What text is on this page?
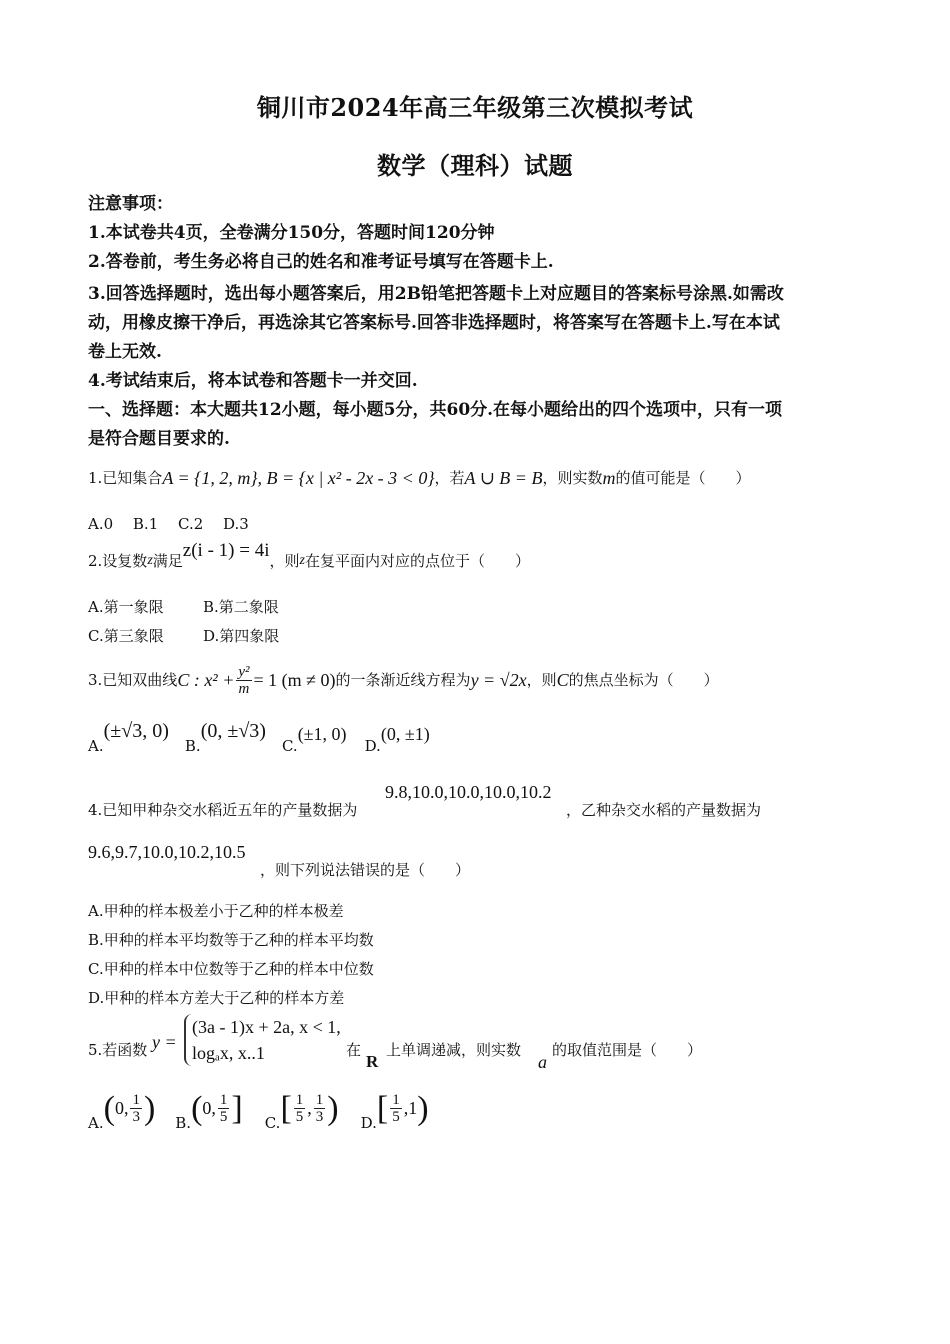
铜川市2024年高三年级第三次模拟考试
数学（理科）试题
注意事项：
1.本试卷共4页，全卷满分150分，答题时间120分钟
2.答卷前，考生务必将自己的姓名和准考证号填写在答题卡上.
3.回答选择题时，选出每小题答案后，用2B铅笔把答题卡上对应题目的答案标号涂黑.如需改
动，用橡皮擦干净后，再选涂其它答案标号.回答非选择题时，将答案写在答题卡上.写在本试
卷上无效.
4.考试结束后，将本试卷和答题卡一并交回.
一、选择题：本大题共12小题，每小题5分，共60分.在每小题给出的四个选项中，只有一项
是符合题目要求的.
1.已知集合 A = {1, 2, m} , B = {x | x² - 2x - 3 < 0} ，若 A ∪ B = B ，则实数 m 的值可能是（　　）
A.0　 B.1　 C.2　 D.3
2.设复数 z 满足 z(i - 1) = 4i ，则 z 在复平面内对应的点位于（　　）
A.第一象限	B.第二象限
C.第三象限	D.第四象限
3.已知双曲线 C : $x^2 + \frac{\text{y²}}{m} = 1$ (m ≠ 0) 的一条渐近线方程为 y = √2x ，则 C 的焦点坐标为（　　）
A.
(±√3, 0)
B.
(0, ±√3)
C.
(±1, 0)
D.
(0, ±1)
4.已知甲种杂交水稻近五年的产量数据为
9.8,10.0,10.0,10.0,10.2
，乙种杂交水稻的产量数据为
9.6,9.7,10.0,10.2,10.5
，则下列说法错误的是（　　）
A.甲种的样本极差小于乙种的样本极差
B.甲种的样本平均数等于乙种的样本平均数
C.甲种的样本中位数等于乙种的样本中位数
D.甲种的样本方差大于乙种的样本方差
5.若函数 y =
(3a - 1)x + 2a, x < 1,
logₐx, x..1	在
R
上单调递减，则实数
a
的取值范围是（　　）
A. ( 0, $\frac{1}{3}$ ) B. ( 0, $\frac{1}{5}$ ] C. [ $\frac{1}{5}$ , $\frac{1}{3}$ ) D. [ $\frac{1}{5} ,1$ )
